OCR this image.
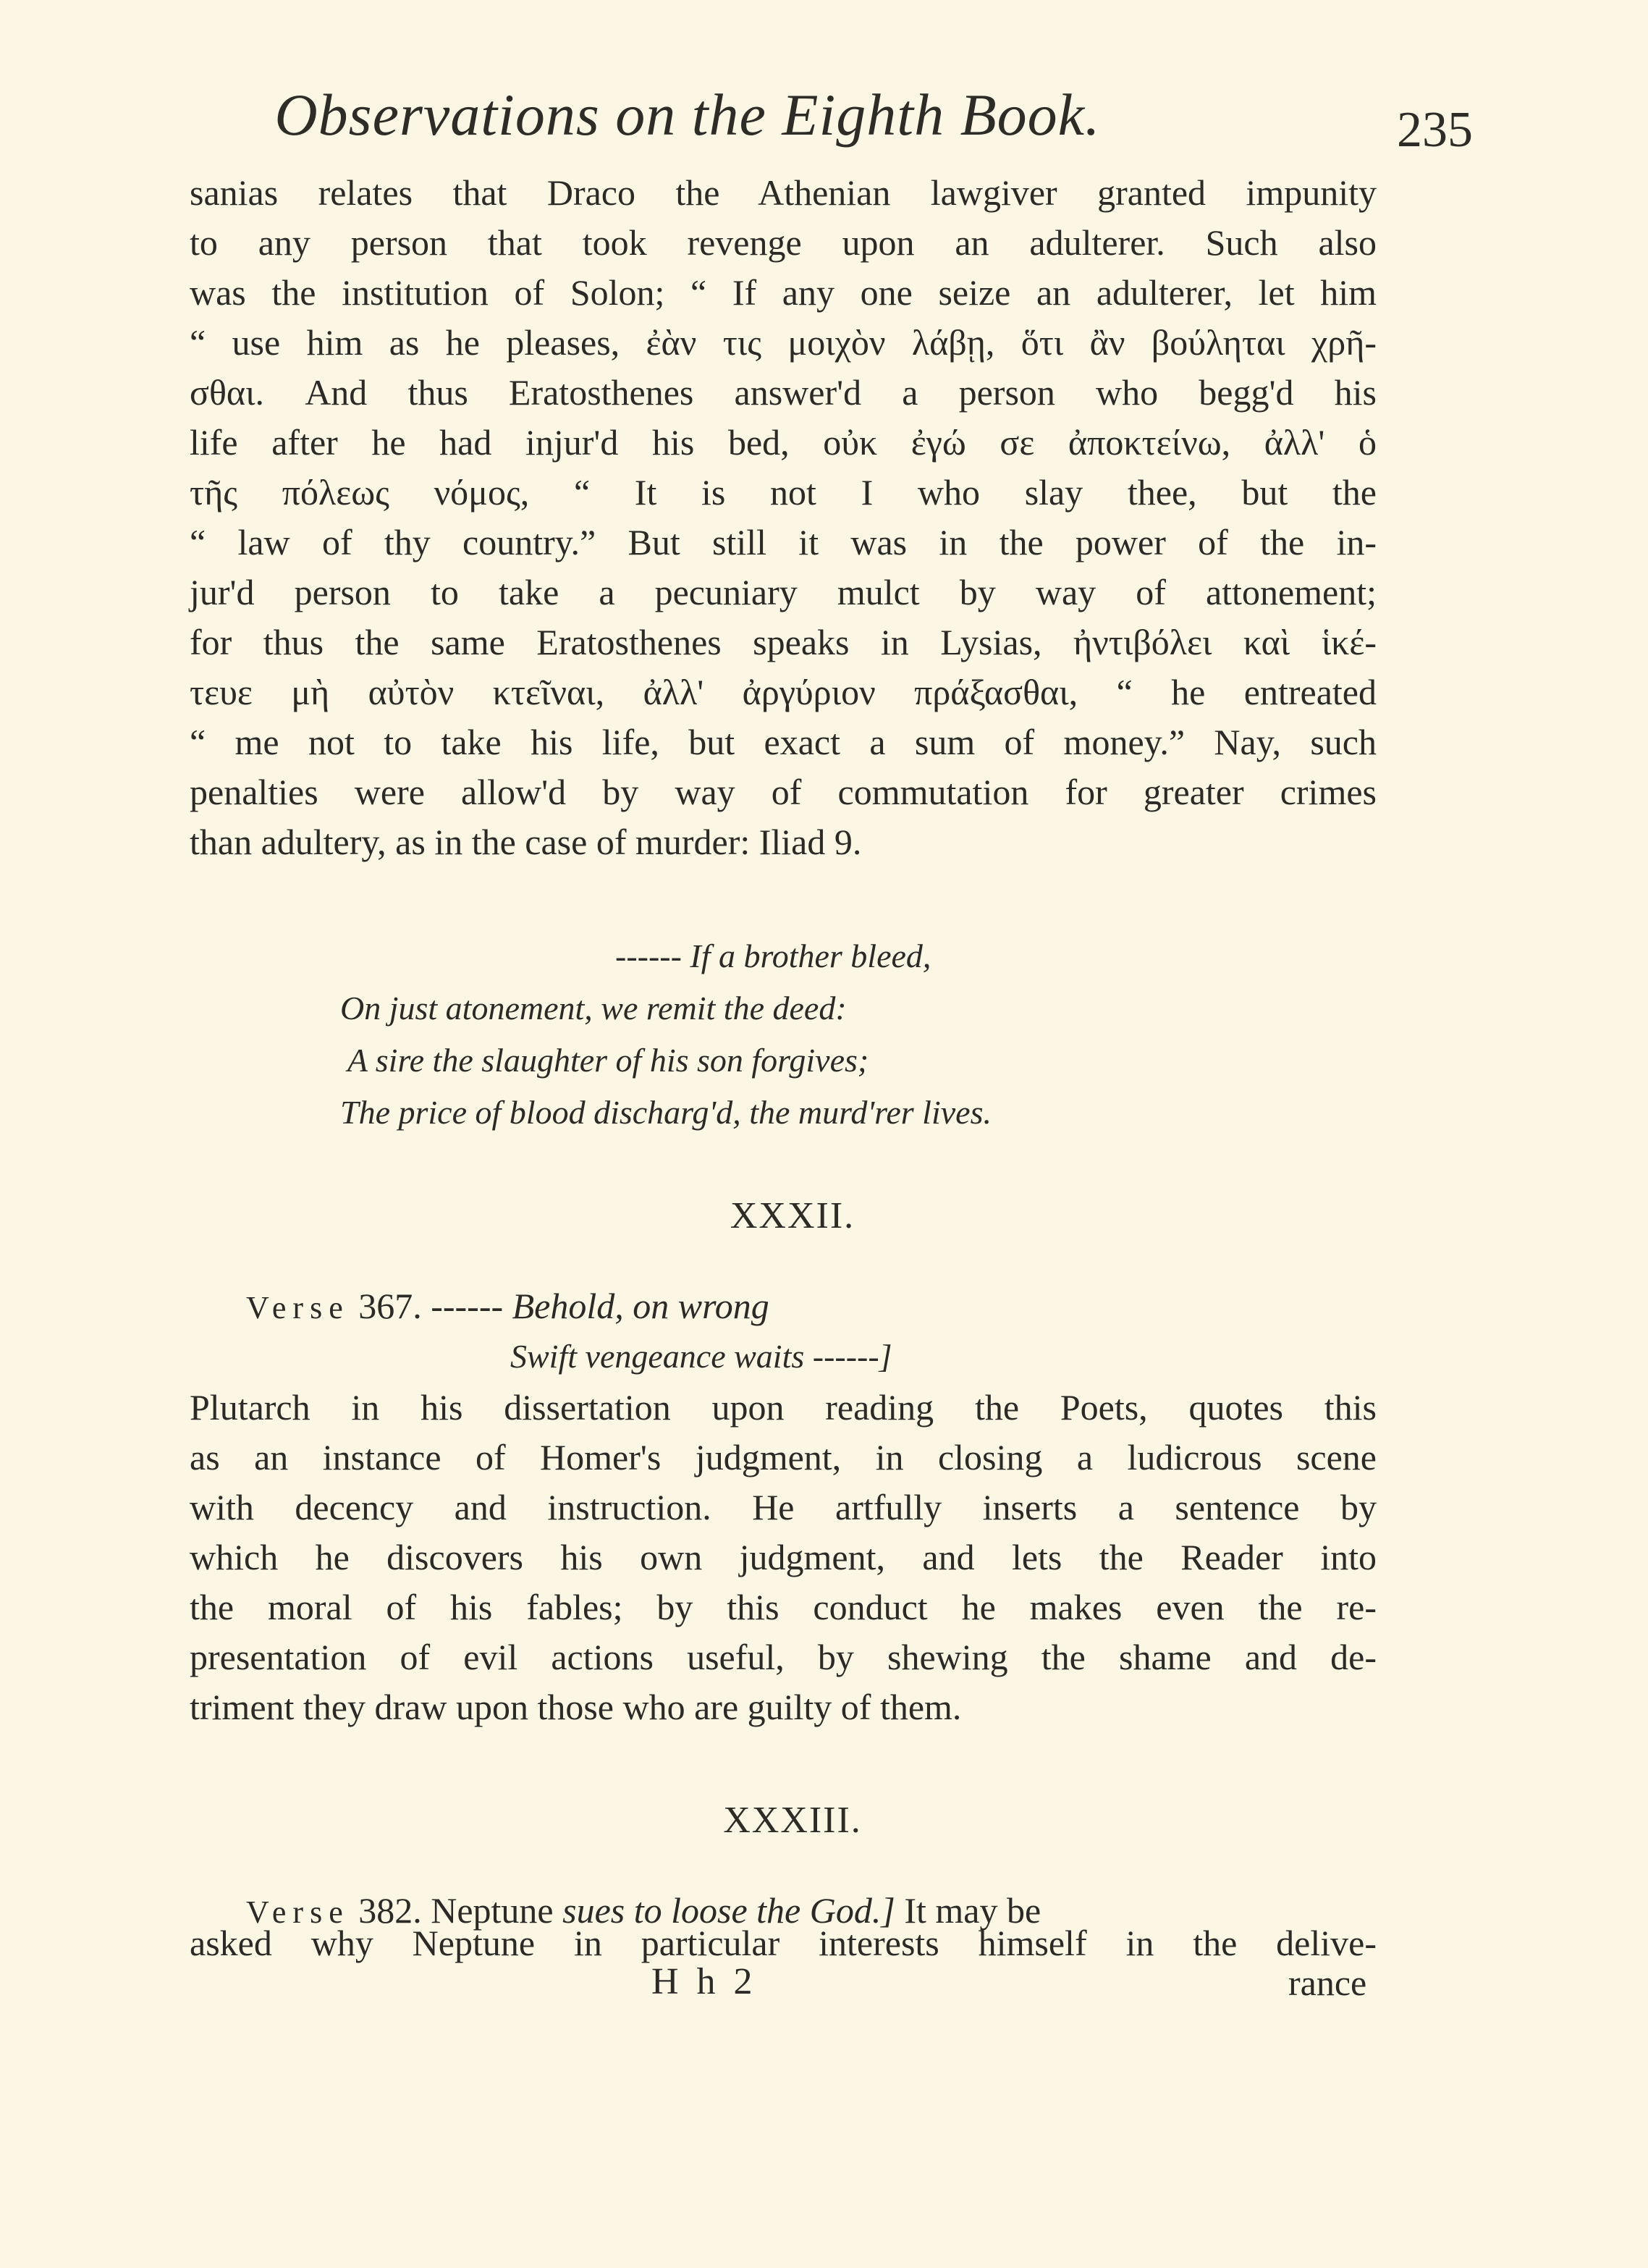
Observations on the Eighth Book.	235
sanias relates that Draco the Athenian lawgiver granted impunity
to any person that took revenge upon an adulterer. Such also
was the institution of Solon; “ If any one seize an adulterer, let him
“ use him as he pleases, ἐὰν τις μοιχὸν λάβῃ, ὅτι ἂν βούληται χρῆ-
σθαι. And thus Eratosthenes answer'd a person who begg'd his
life after he had injur'd his bed, οὐκ ἐγώ σε ἀποκτείνω, ἀλλ' ὁ
τῆς πόλεως νόμος, “ It is not I who slay thee, but the
“ law of thy country.” But still it was in the power of the in-
jur'd person to take a pecuniary mulct by way of attonement;
for thus the same Eratosthenes speaks in Lysias, ἠντιβόλει καὶ ἱκέ-
τευε μὴ αὐτὸν κτεῖναι, ἀλλ' ἀργύριον πράξασθαι, “ he entreated
“ me not to take his life, but exact a sum of money.” Nay, such
penalties were allow'd by way of commutation for greater crimes
than adultery, as in the case of murder: Iliad 9.
------ If a brother bleed,
On just atonement, we remit the deed:
A sire the slaughter of his son forgives;
The price of blood discharg'd, the murd'rer lives.
XXXII.
Verse 367. ------ Behold, on wrong
Swift vengeance waits ------]
Plutarch in his dissertation upon reading the Poets, quotes this
as an instance of Homer's judgment, in closing a ludicrous scene
with decency and instruction. He artfully inserts a sentence by
which he discovers his own judgment, and lets the Reader into
the moral of his fables; by this conduct he makes even the re-
presentation of evil actions useful, by shewing the shame and de-
triment they draw upon those who are guilty of them.
XXXIII.
Verse 382. Neptune sues to loose the God.] It may be
asked why Neptune in particular interests himself in the delive-
H h 2	rance
